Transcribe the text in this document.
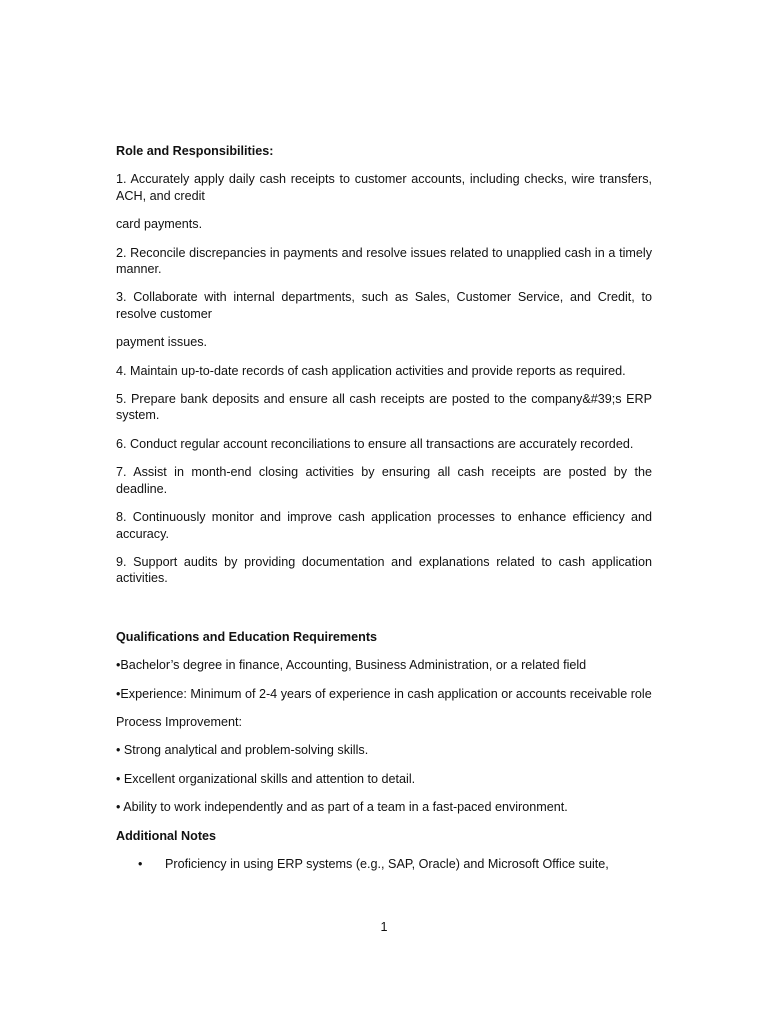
Role and Responsibilities:

1. Accurately apply daily cash receipts to customer accounts, including checks, wire transfers, ACH, and credit

card payments.

2. Reconcile discrepancies in payments and resolve issues related to unapplied cash in a timely manner.

3. Collaborate with internal departments, such as Sales, Customer Service, and Credit, to resolve customer

payment issues.

4. Maintain up-to-date records of cash application activities and provide reports as required.

5. Prepare bank deposits and ensure all cash receipts are posted to the company&#39;s ERP system.

6. Conduct regular account reconciliations to ensure all transactions are accurately recorded.

7. Assist in month-end closing activities by ensuring all cash receipts are posted by the deadline.

8. Continuously monitor and improve cash application processes to enhance efficiency and accuracy.

9. Support audits by providing documentation and explanations related to cash application activities.

Qualifications and Education Requirements

•Bachelor’s degree in finance, Accounting, Business Administration, or a related field

•Experience: Minimum of 2-4 years of experience in cash application or accounts receivable role

Process Improvement:

• Strong analytical and problem-solving skills.

• Excellent organizational skills and attention to detail.

• Ability to work independently and as part of a team in a fast-paced environment.

Additional Notes

• Proficiency in using ERP systems (e.g., SAP, Oracle) and Microsoft Office suite,
1
